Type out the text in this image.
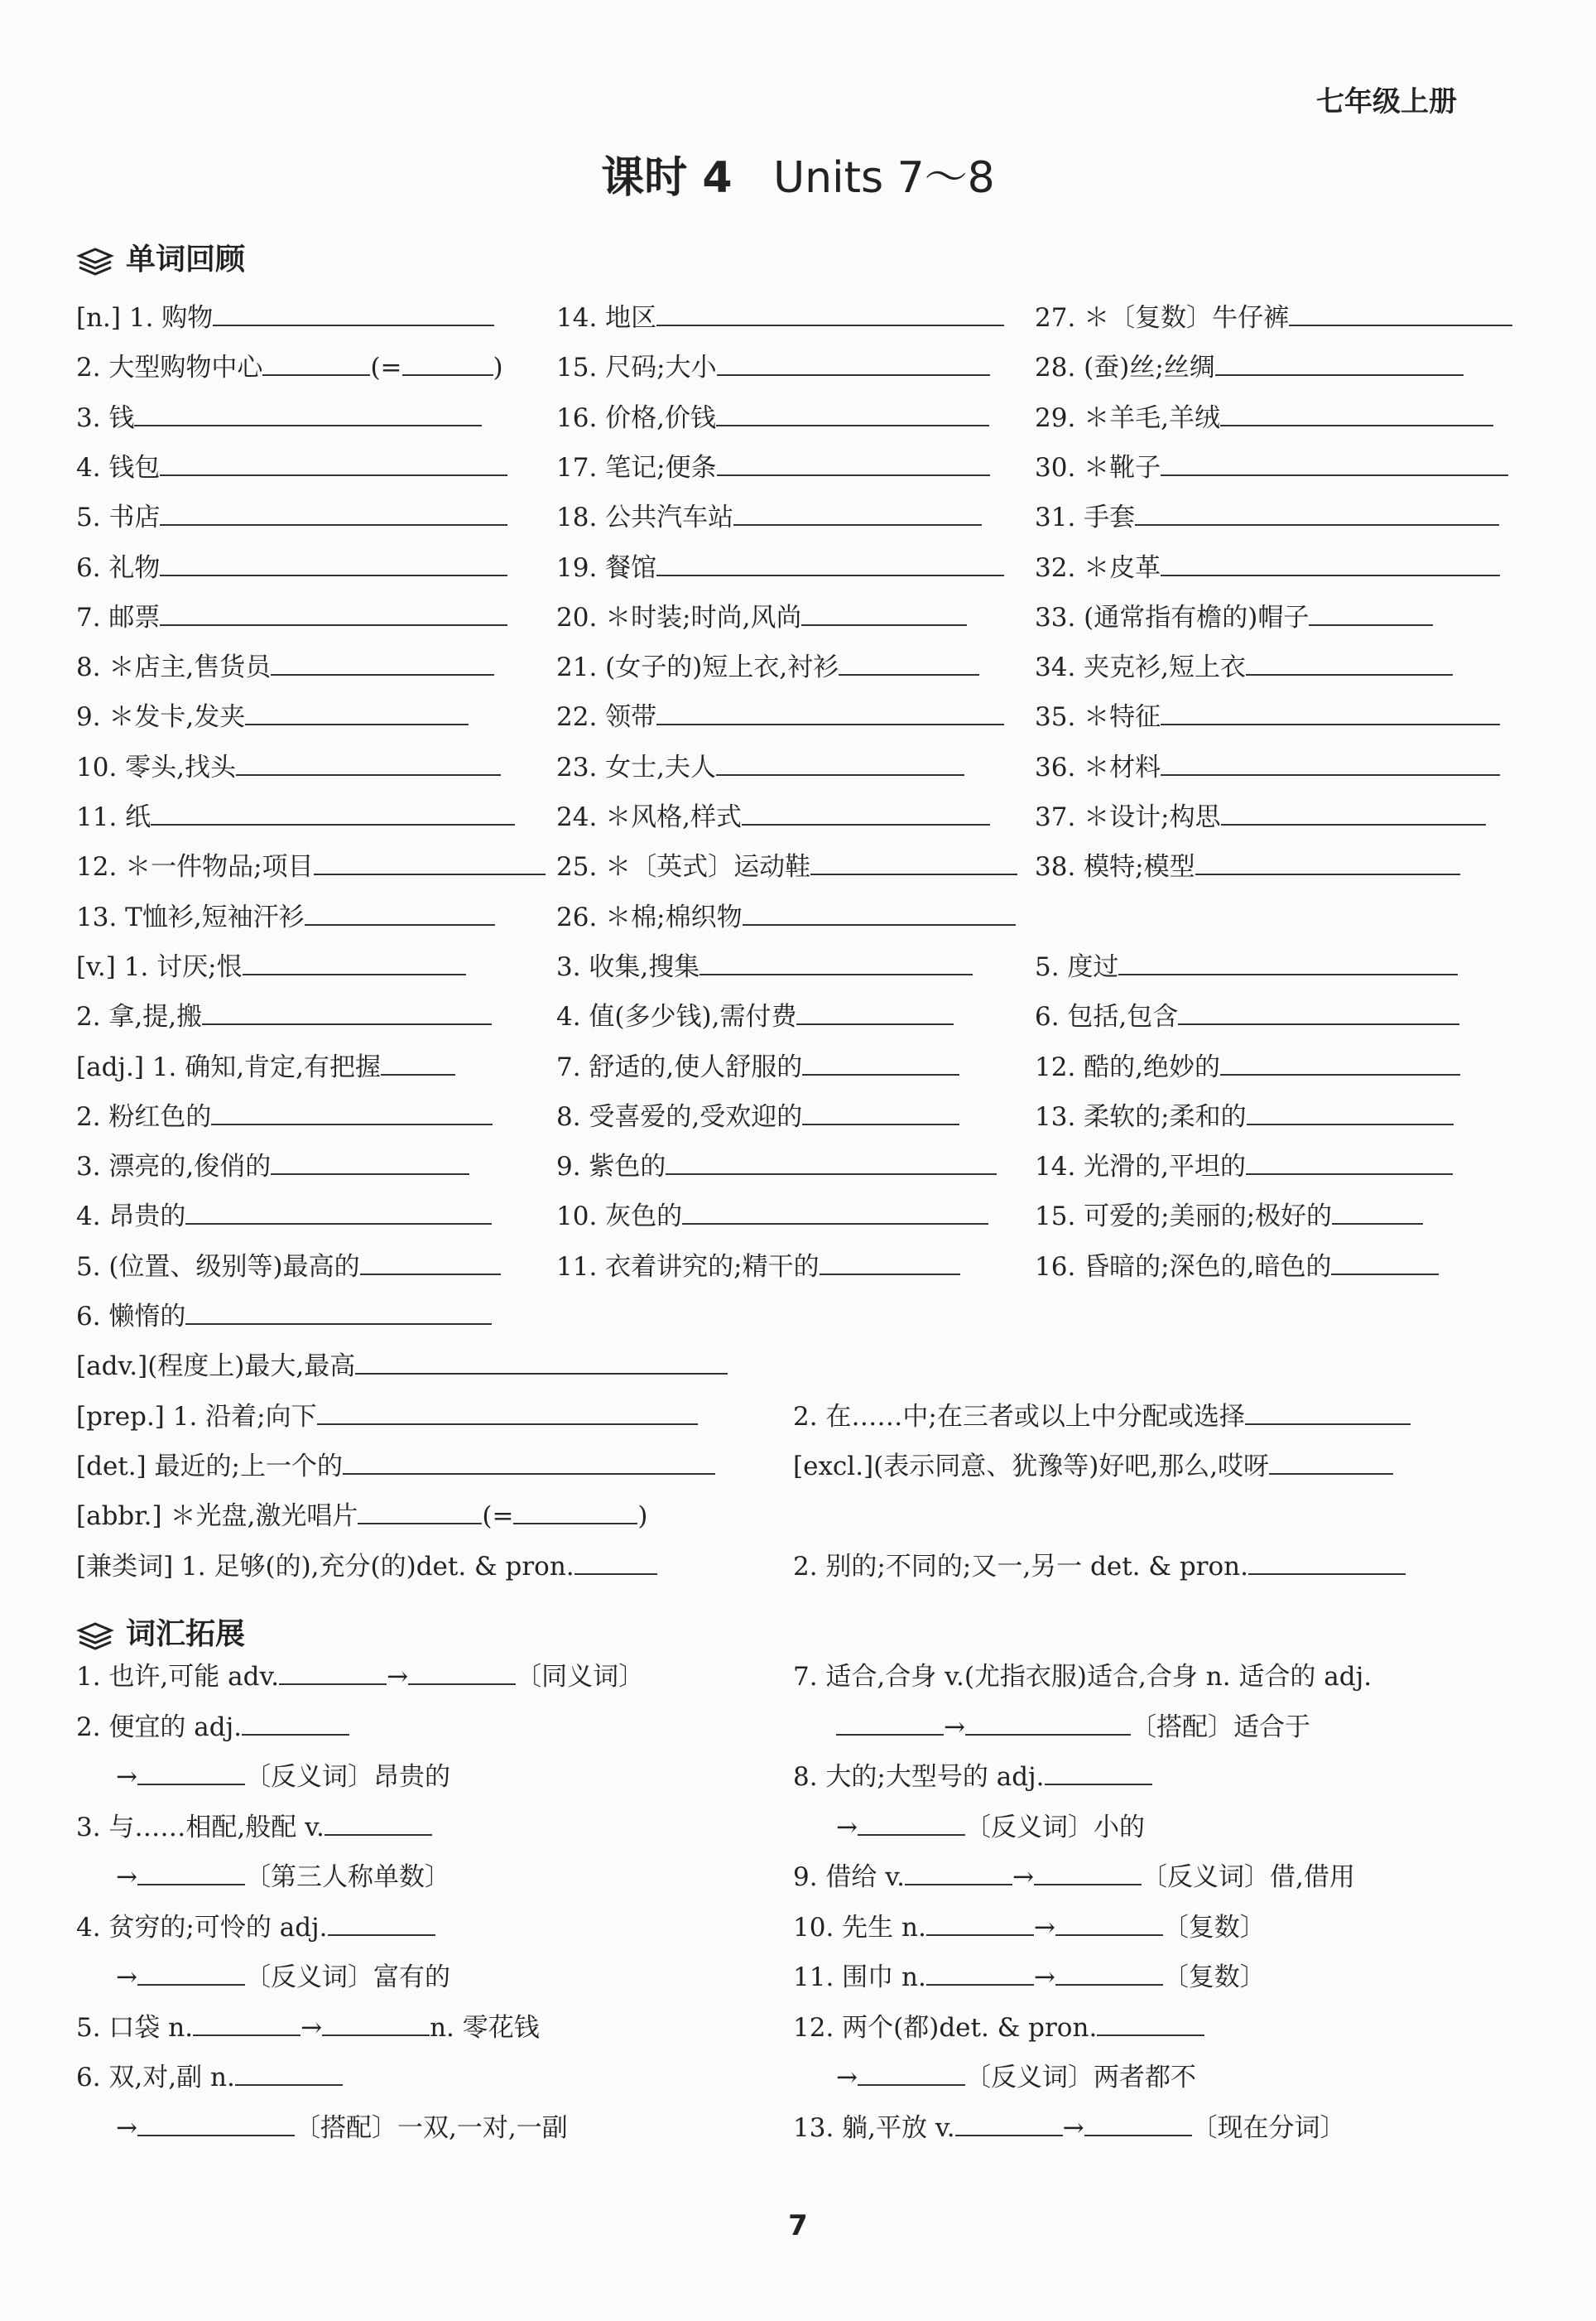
七年级上册
课时 4 Units 7～8
单词回顾
[n.] 1. 购物
2. 大型购物中心	(=	)
3. 钱
4. 钱包
5. 书店
6. 礼物
7. 邮票
8. ＊店主,售货员
9. ＊发卡,发夹
10. 零头,找头
11. 纸
12. ＊一件物品;项目
13. T恤衫,短袖汗衫
14. 地区
15. 尺码;大小
16. 价格,价钱
17. 笔记;便条
18. 公共汽车站
19. 餐馆
20. ＊时装;时尚,风尚
21. (女子的)短上衣,衬衫
22. 领带
23. 女士,夫人
24. ＊风格,样式
25. ＊〔英式〕运动鞋
26. ＊棉;棉织物
27. ＊〔复数〕牛仔裤
28. (蚕)丝;丝绸
29. ＊羊毛,羊绒
30. ＊靴子
31. 手套
32. ＊皮革
33. (通常指有檐的)帽子
34. 夹克衫,短上衣
35. ＊特征
36. ＊材料
37. ＊设计;构思
38. 模特;模型
[v.] 1. 讨厌;恨
2. 拿,提,搬
3. 收集,搜集
4. 值(多少钱),需付费
5. 度过
6. 包括,包含
[adj.] 1. 确知,肯定,有把握
2. 粉红色的
3. 漂亮的,俊俏的
4. 昂贵的
5. (位置、级别等)最高的
6. 懒惰的
7. 舒适的,使人舒服的
8. 受喜爱的,受欢迎的
9. 紫色的
10. 灰色的
11. 衣着讲究的;精干的
12. 酷的,绝妙的
13. 柔软的;柔和的
14. 光滑的,平坦的
15. 可爱的;美丽的;极好的
16. 昏暗的;深色的,暗色的
[adv.](程度上)最大,最高
[prep.] 1. 沿着;向下	2. 在……中;在三者或以上中分配或选择
[det.] 最近的;上一个的	[excl.](表示同意、犹豫等)好吧,那么,哎呀
[abbr.] ＊光盘,激光唱片	(=	)
[兼类词] 1. 足够(的),充分(的)det. & pron.	2. 别的;不同的;又一,另一 det. & pron.
1. 也许,可能 adv.	→	〔同义词〕
2. 便宜的 adj.
→	〔反义词〕昂贵的
3. 与……相配,般配 v.
→	〔第三人称单数〕
4. 贫穷的;可怜的 adj.
→	〔反义词〕富有的
5. 口袋 n.	→	n. 零花钱
6. 双,对,副 n.
→	〔搭配〕一双,一对,一副
7. 适合,合身 v.(尤指衣服)适合,合身 n. 适合的 adj.
→	〔搭配〕适合于
8. 大的;大型号的 adj.
→	〔反义词〕小的
9. 借给 v.	→	〔反义词〕借,借用
10. 先生 n.	→	〔复数〕
11. 围巾 n.	→	〔复数〕
12. 两个(都)det. & pron.
→	〔反义词〕两者都不
13. 躺,平放 v.	→	〔现在分词〕
词汇拓展
7
